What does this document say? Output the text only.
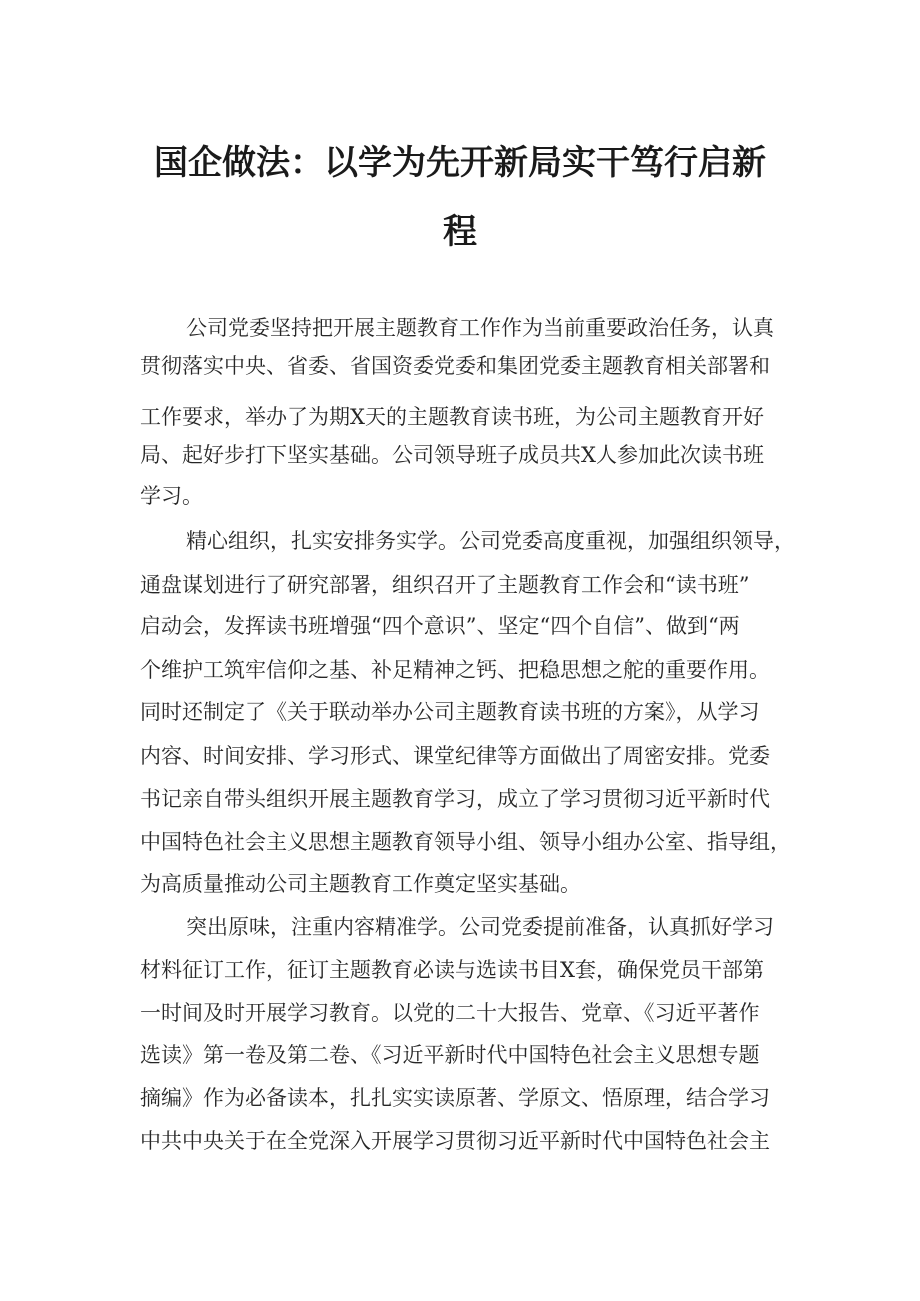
国企做法：以学为先开新局实干笃行启新
程
公司党委坚持把开展主题教育工作作为当前重要政治任务，认真
贯彻落实中央、省委、省国资委党委和集团党委主题教育相关部署和
工作要求，举办了为期X天的主题教育读书班，为公司主题教育开好
局、起好步打下坚实基础。公司领导班子成员共X人参加此次读书班
学习。
精心组织，扎实安排务实学。公司党委高度重视，加强组织领导，
通盘谋划进行了研究部署，组织召开了主题教育工作会和“读书班”
启动会，发挥读书班增强“四个意识”、坚定“四个自信”、做到“两
个维护工筑牢信仰之基、补足精神之钙、把稳思想之舵的重要作用。
同时还制定了《关于联动举办公司主题教育读书班的方案》，从学习
内容、时间安排、学习形式、课堂纪律等方面做出了周密安排。党委
书记亲自带头组织开展主题教育学习，成立了学习贯彻习近平新时代
中国特色社会主义思想主题教育领导小组、领导小组办公室、指导组，
为高质量推动公司主题教育工作奠定坚实基础。
突出原味，注重内容精准学。公司党委提前准备，认真抓好学习
材料征订工作，征订主题教育必读与选读书目X套，确保党员干部第
一时间及时开展学习教育。以党的二十大报告、党章、《习近平著作
选读》第一卷及第二卷、《习近平新时代中国特色社会主义思想专题
摘编》作为必备读本，扎扎实实读原著、学原文、悟原理，结合学习
中共中央关于在全党深入开展学习贯彻习近平新时代中国特色社会主
